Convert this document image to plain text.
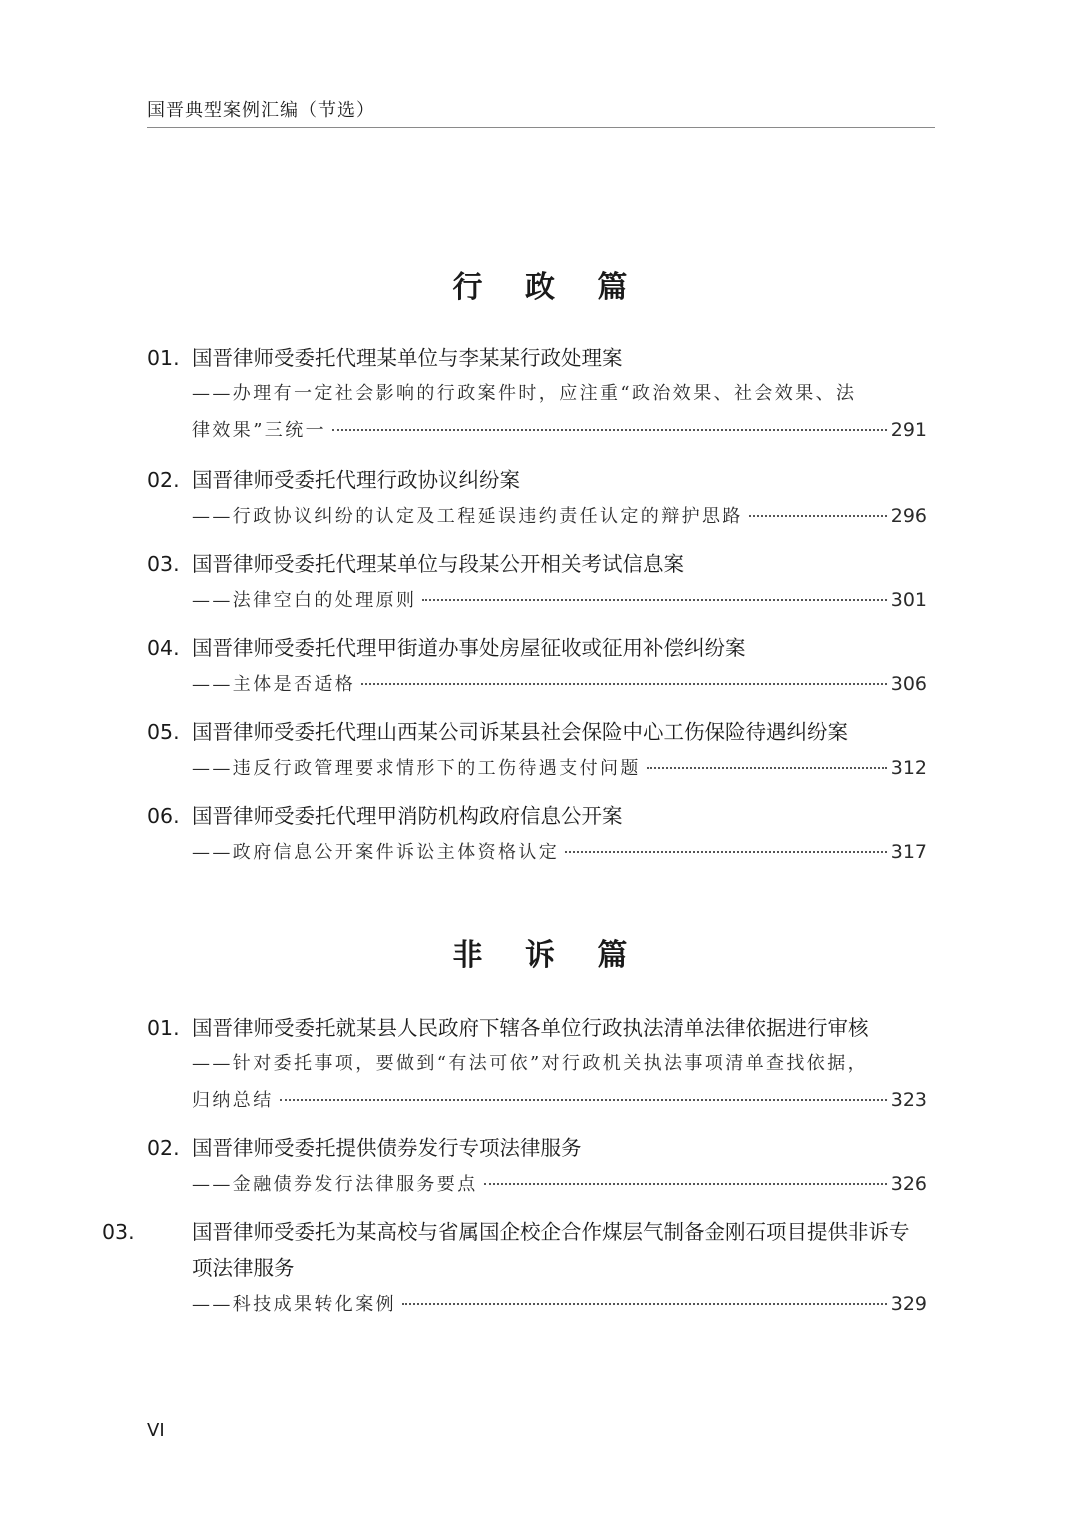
国晋典型案例汇编（节选）
行 政 篇
01. 国晋律师受委托代理某单位与李某某行政处理案
——办理有一定社会影响的行政案件时，应注重“政治效果、社会效果、法
律效果”三统一	291
02. 国晋律师受委托代理行政协议纠纷案
——行政协议纠纷的认定及工程延误违约责任认定的辩护思路	296
03. 国晋律师受委托代理某单位与段某公开相关考试信息案
——法律空白的处理原则	301
04. 国晋律师受委托代理甲街道办事处房屋征收或征用补偿纠纷案
——主体是否适格	306
05. 国晋律师受委托代理山西某公司诉某县社会保险中心工伤保险待遇纠纷案
——违反行政管理要求情形下的工伤待遇支付问题	312
06. 国晋律师受委托代理甲消防机构政府信息公开案
——政府信息公开案件诉讼主体资格认定	317
非 诉 篇
01. 国晋律师受委托就某县人民政府下辖各单位行政执法清单法律依据进行审核
——针对委托事项，要做到“有法可依”对行政机关执法事项清单查找依据，
归纳总结	323
02. 国晋律师受委托提供债券发行专项法律服务
——金融债券发行法律服务要点	326
03.	国晋律师受委托为某高校与省属国企校企合作煤层气制备金刚石项目提供非诉专项法律服务
——科技成果转化案例	329
VI
